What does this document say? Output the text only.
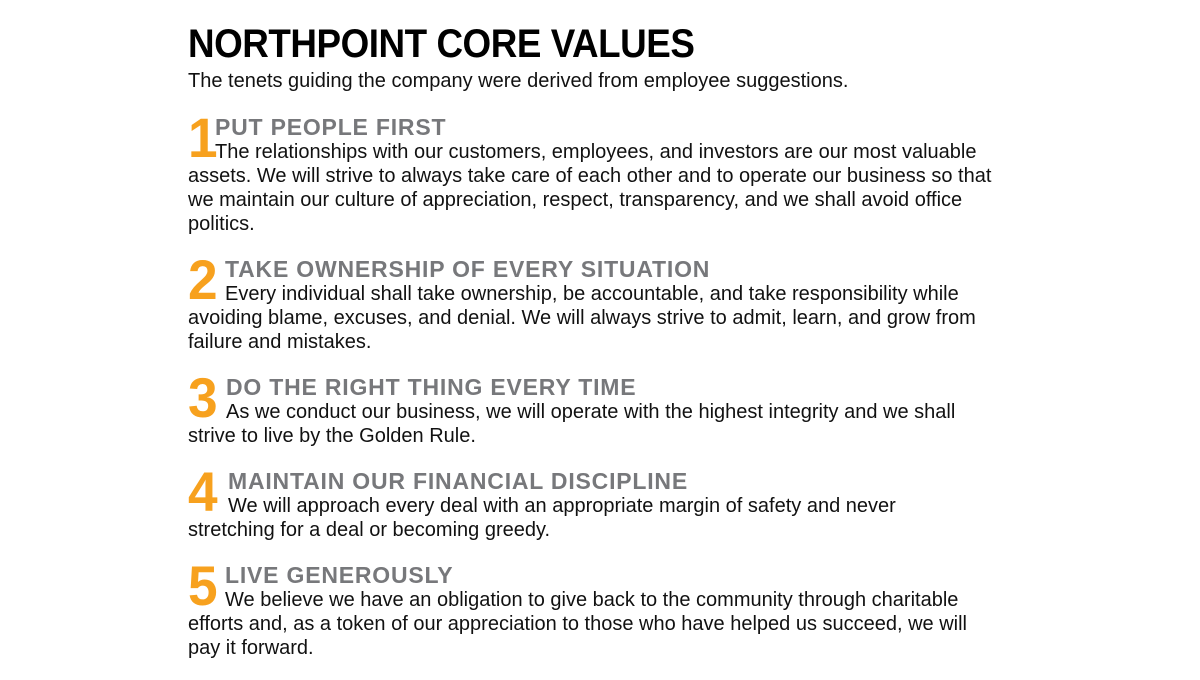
NORTHPOINT CORE VALUES

The tenets guiding the company were derived from employee suggestions.

1
PUT PEOPLE FIRST

The relationships with our customers, employees, and investors are our most valuable assets. We will strive to always take care of each other and to operate our business so that we maintain our culture of appreciation, respect, transparency, and we shall avoid office politics.

2 TAKE OWNERSHIP OF EVERY SITUATION

Every individual shall take ownership, be accountable, and take responsibility while avoiding blame, excuses, and denial. We will always strive to admit, learn, and grow from failure and mistakes.

3 DO THE RIGHT THING EVERY TIME

As we conduct our business, we will operate with the highest integrity and we shall strive to live by the Golden Rule.

4 MAINTAIN OUR FINANCIAL DISCIPLINE

We will approach every deal with an appropriate margin of safety and never stretching for a deal or becoming greedy.

5 LIVE GENEROUSLY

We believe we have an obligation to give back to the community through charitable efforts and, as a token of our appreciation to those who have helped us succeed, we will pay it forward.
